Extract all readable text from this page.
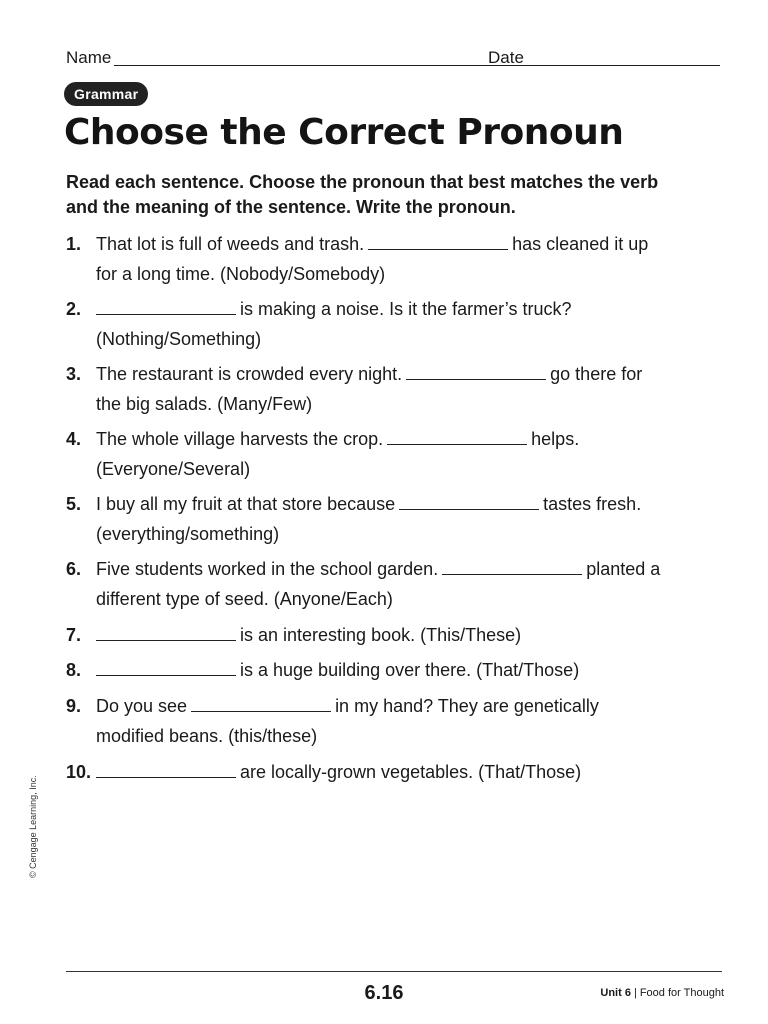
Name	Date
Grammar
Choose the Correct Pronoun

Read each sentence. Choose the pronoun that best matches the verb and the meaning of the sentence. Write the pronoun.

1. That lot is full of weeds and trash.	has cleaned it up for a long time. (Nobody/Somebody)
2.	is making a noise. Is it the farmer’s truck? (Nothing/Something)
3. The restaurant is crowded every night.	go there for the big salads. (Many/Few)
4. The whole village harvests the crop.	helps. (Everyone/Several)
5. I buy all my fruit at that store because	tastes fresh. (everything/something)
6. Five students worked in the school garden.	planted a different type of seed. (Anyone/Each)
7.	is an interesting book. (This/These)
8.	is a huge building over there. (That/Those)
9. Do you see	in my hand? They are genetically modified beans. (this/these)
10.	are locally-grown vegetables. (That/Those)
© Cengage Learning, Inc.
6.16	Unit 6 | Food for Thought
